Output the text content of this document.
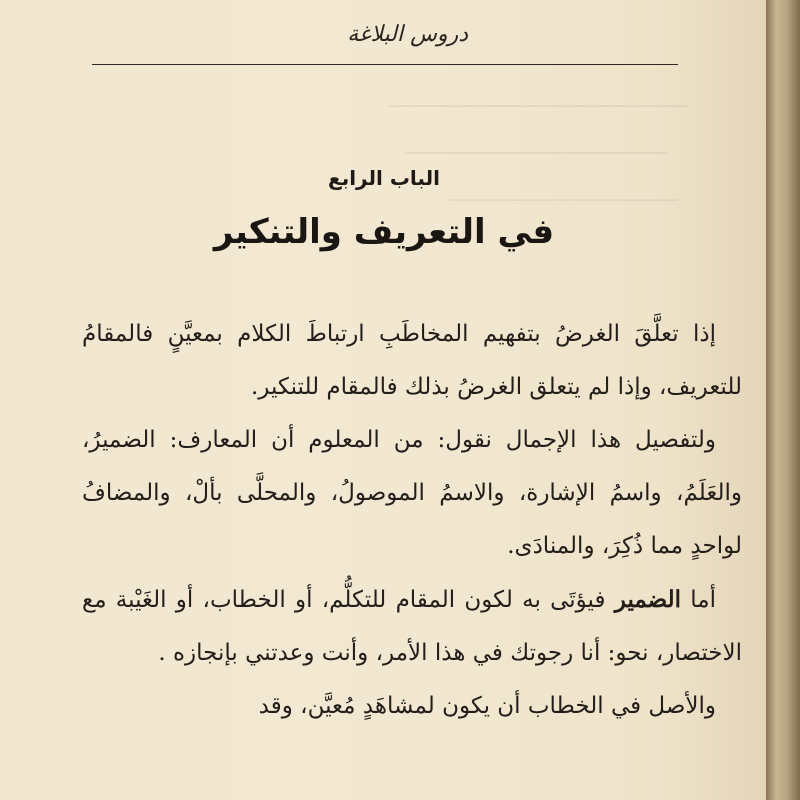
ـــــــــــــــــــــــــــــــــــــــــــــــــــ
ـــــــــــــــــــــــــــــــــــــــــــــ
ـــــــــــــــــــــــــــــــــــــــ
دروس البلاغة
الباب الرابع
في التعريف والتنكير

إذا تعلَّقَ الغرضُ بتفهيم المخاطَبِ ارتباطَ الكلام بمعيَّنٍ فالمقامُ للتعريف، وإذا لم يتعلق الغرضُ بذلك فالمقام للتنكير.

ولتفصيل هذا الإجمال نقول: من المعلوم أن المعارف: الضميرُ، والعَلَمُ، واسمُ الإشارة، والاسمُ الموصولُ، والمحلَّى بألْ، والمضافُ لواحدٍ مما ذُكِرَ، والمنادَى.

أما الضمير فيؤتَى به لكون المقام للتكلُّم، أو الخطاب، أو الغَيْبة مع الاختصار، نحو: أنا رجوتك في هذا الأمر، وأنت وعدتني بإنجازه .

والأصل في الخطاب أن يكون لمشاهَدٍ مُعيَّن، وقد
